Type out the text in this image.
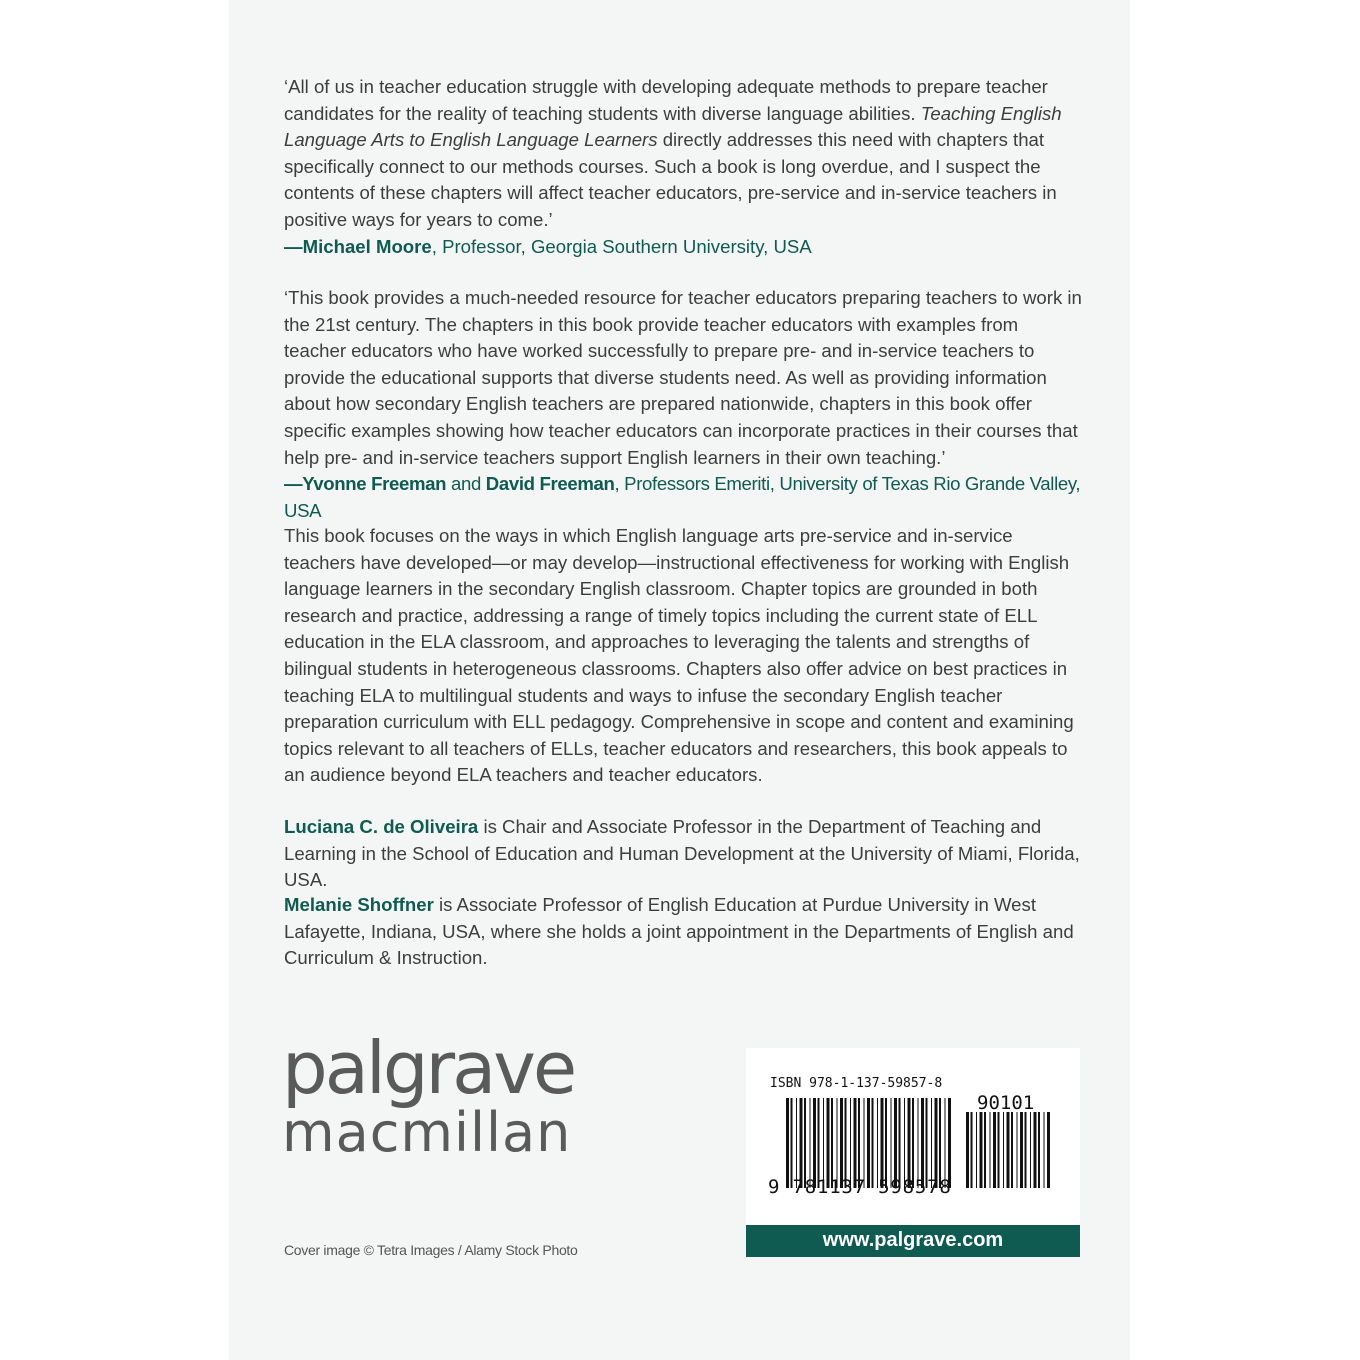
‘All of us in teacher education struggle with developing adequate methods to prepare teacher candidates for the reality of teaching students with diverse language abilities. Teaching English Language Arts to English Language Learners directly addresses this need with chapters that specifically connect to our methods courses. Such a book is long overdue, and I suspect the contents of these chapters will affect teacher educators, pre-service and in-service teachers in positive ways for years to come.’

—Michael Moore, Professor, Georgia Southern University, USA

‘This book provides a much-needed resource for teacher educators preparing teachers to work in the 21st century. The chapters in this book provide teacher educators with examples from teacher educators who have worked successfully to prepare pre- and in-service teachers to provide the educational supports that diverse students need. As well as providing information about how secondary English teachers are prepared nationwide, chapters in this book offer specific examples showing how teacher educators can incorporate practices in their courses that help pre- and in-service teachers support English learners in their own teaching.’

—Yvonne Freeman and David Freeman, Professors Emeriti, University of Texas Rio Grande Valley, USA

This book focuses on the ways in which English language arts pre-service and in-service teachers have developed—or may develop—instructional effectiveness for working with English language learners in the secondary English classroom. Chapter topics are grounded in both research and practice, addressing a range of timely topics including the current state of ELL education in the ELA classroom, and approaches to leveraging the talents and strengths of bilingual students in heterogeneous classrooms. Chapters also offer advice on best practices in teaching ELA to multilingual students and ways to infuse the secondary English teacher preparation curriculum with ELL pedagogy. Comprehensive in scope and content and examining topics relevant to all teachers of ELLs, teacher educators and researchers, this book appeals to an audience beyond ELA teachers and teacher educators.

Luciana C. de Oliveira is Chair and Associate Professor in the Department of Teaching and Learning in the School of Education and Human Development at the University of Miami, Florida, USA.

Melanie Shoffner is Associate Professor of English Education at Purdue University in West Lafayette, Indiana, USA, where she holds a joint appointment in the Departments of English and Curriculum & Instruction.

palgrave
macmillan
Cover image © Tetra Images / Alamy Stock Photo
ISBN 978-1-137-59857-8
90101
9 781137 598578
www.palgrave.com
